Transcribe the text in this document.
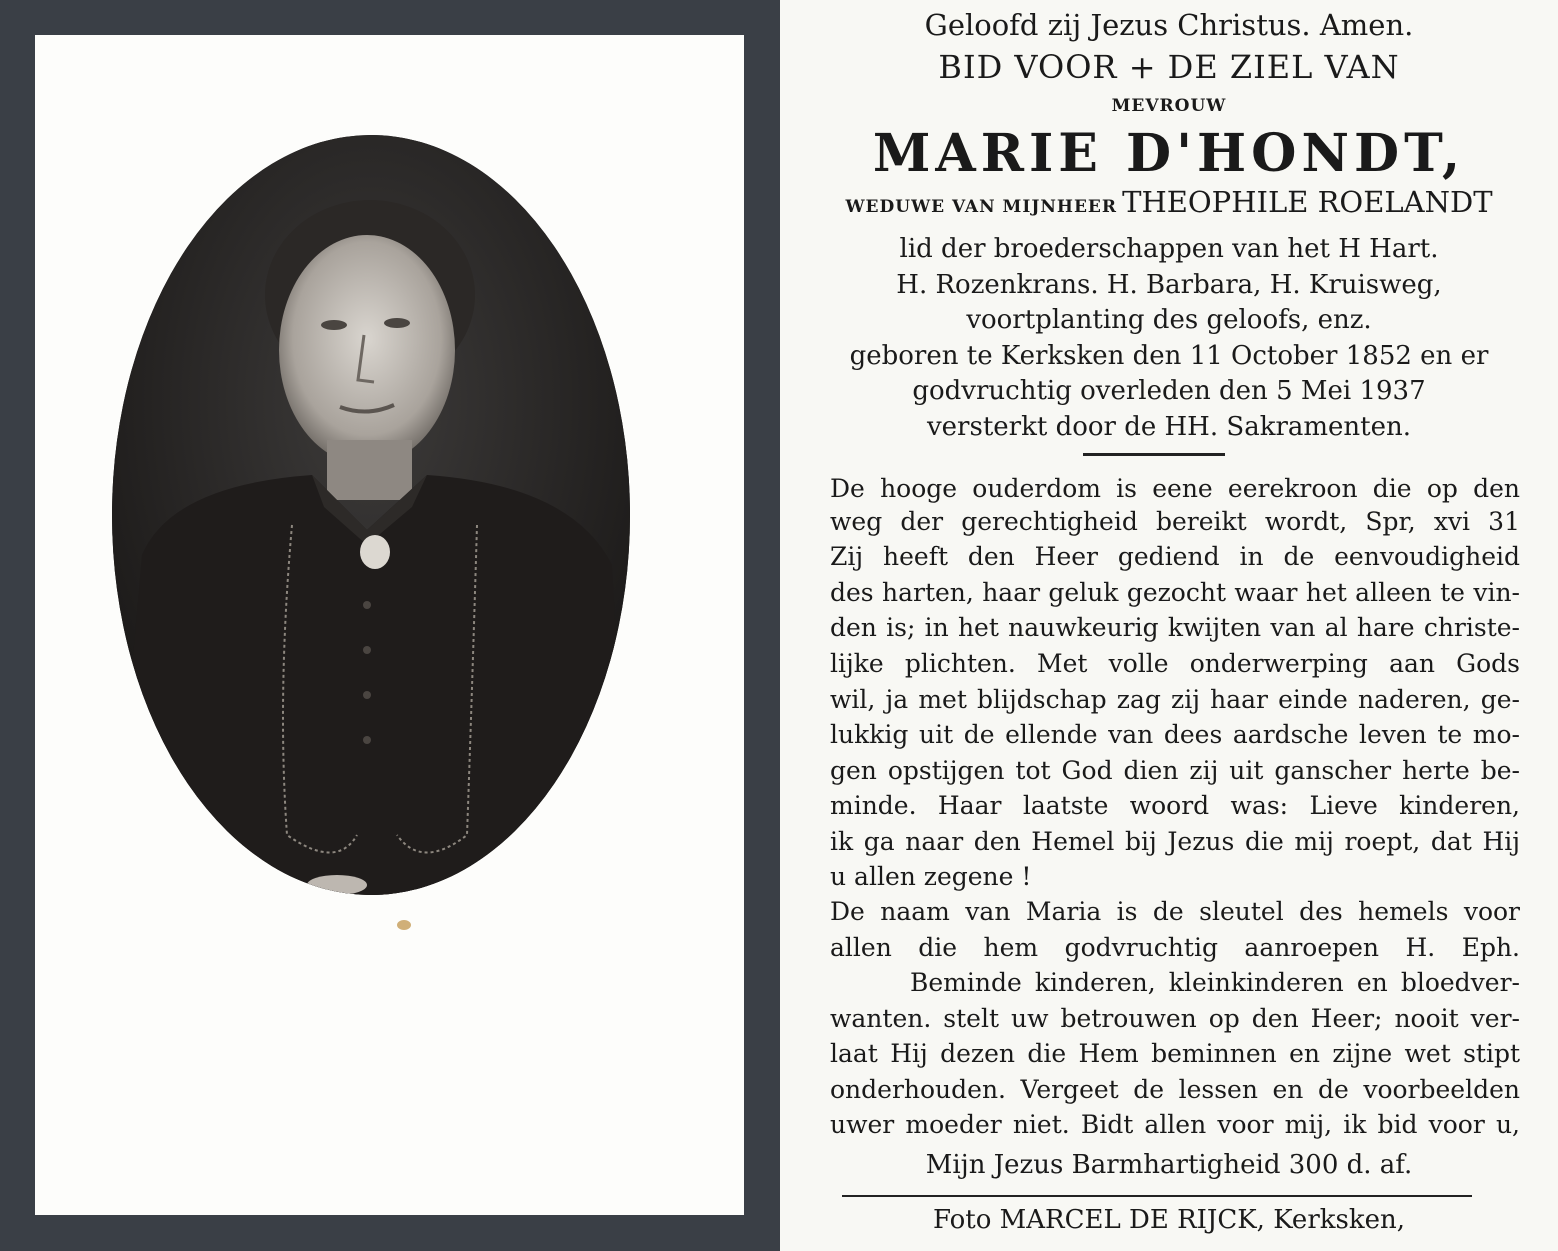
Geloofd zij Jezus Christus. Amen.

BID VOOR + DE ZIEL VAN

MEVROUW

MARIE D'HONDT,

WEDUWE VAN MIJNHEER THEOPHILE ROELANDT

lid der broederschappen van het H Hart.

H. Rozenkrans. H. Barbara, H. Kruisweg,

voortplanting des geloofs, enz.

geboren te Kerksken den 11 October 1852 en er

godvruchtig overleden den 5 Mei 1937

versterkt door de HH. Sakramenten.

De hooge ouderdom is eene eerekroon die op den

weg der gerechtigheid bereikt wordt, Spr, xvi 31

Zij heeft den Heer gediend in de eenvoudigheid

des harten, haar geluk gezocht waar het alleen te vin-

den is; in het nauwkeurig kwijten van al hare christe-

lijke plichten. Met volle onderwerping aan Gods

wil, ja met blijdschap zag zij haar einde naderen, ge-

lukkig uit de ellende van dees aardsche leven te mo-

gen opstijgen tot God dien zij uit ganscher herte be-

minde. Haar laatste woord was: Lieve kinderen,

ik ga naar den Hemel bij Jezus die mij roept, dat Hij

u allen zegene !

De naam van Maria is de sleutel des hemels voor

allen die hem godvruchtig aanroepen H. Eph.

Beminde kinderen, kleinkinderen en bloedver-

wanten. stelt uw betrouwen op den Heer; nooit ver-

laat Hij dezen die Hem beminnen en zijne wet stipt

onderhouden. Vergeet de lessen en de voorbeelden

uwer moeder niet. Bidt allen voor mij, ik bid voor u,

Mijn Jezus Barmhartigheid 300 d. af.

Foto MARCEL DE RIJCK, Kerksken,
